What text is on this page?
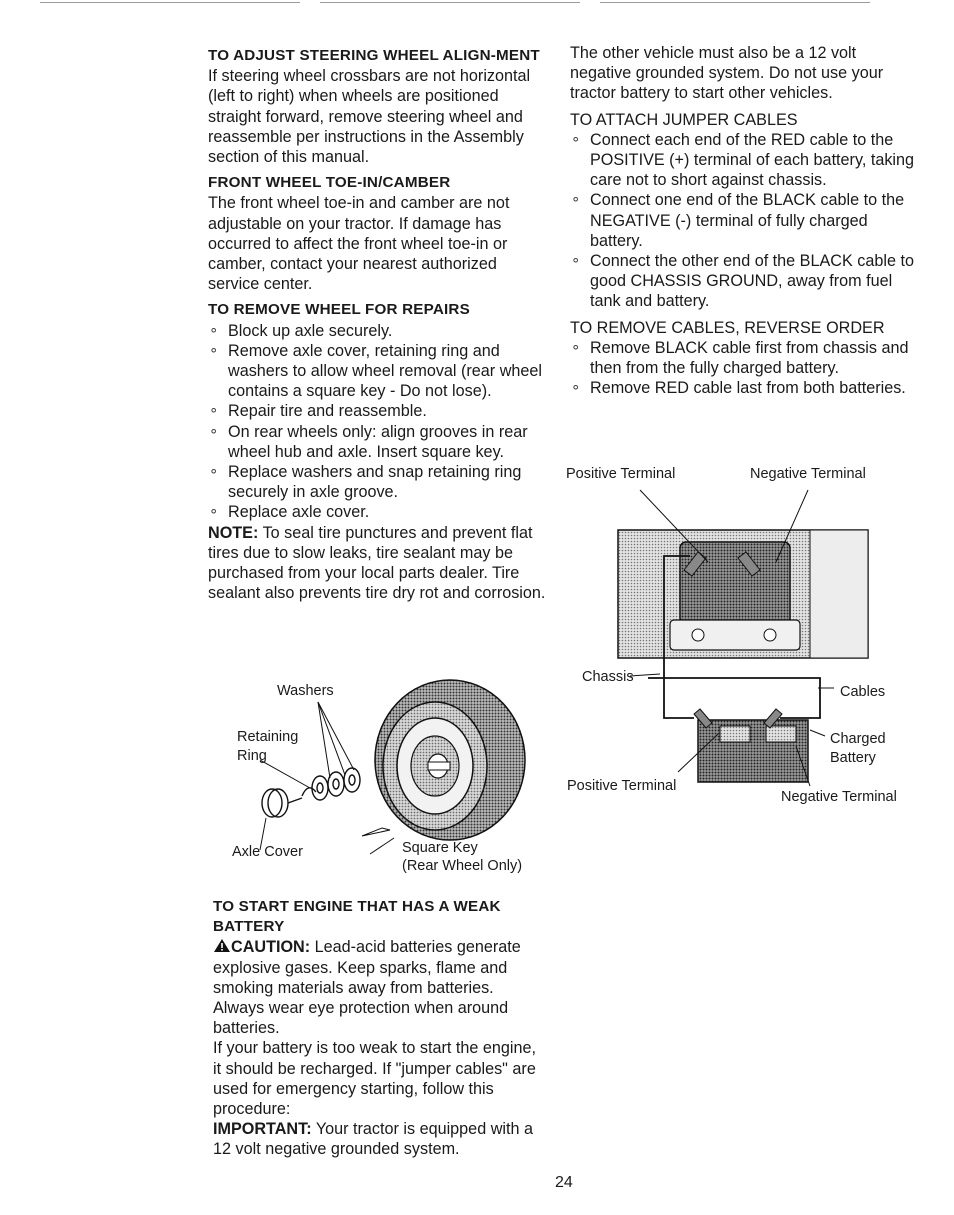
TO ADJUST STEERING WHEEL ALIGN-MENT

If steering wheel crossbars are not horizontal (left to right) when wheels are positioned straight forward, remove steering wheel and reassemble per instructions in the Assembly section of this manual.

FRONT WHEEL TOE-IN/CAMBER

The front wheel toe-in and camber are not adjustable on your tractor. If damage has occurred to affect the front wheel toe-in or camber, contact your nearest authorized service center.

TO REMOVE WHEEL FOR REPAIRS

∘ Block up axle securely.
∘ Remove axle cover, retaining ring and washers to allow wheel removal (rear wheel contains a square key - Do not lose).
∘ Repair tire and reassemble.
∘ On rear wheels only: align grooves in rear wheel hub and axle. Insert square key.
∘ Replace washers and snap retaining ring securely in axle groove.
∘ Replace axle cover.

NOTE: To seal tire punctures and prevent flat tires due to slow leaks, tire sealant may be purchased from your local parts dealer. Tire sealant also prevents tire dry rot and corrosion.

Washers
Retaining
Ring
Axle Cover	Square Key
(Rear Wheel Only)

TO START ENGINE THAT HAS A WEAK BATTERY

CAUTION: Lead-acid batteries generate explosive gases. Keep sparks, flame and smoking materials away from batteries. Always wear eye protection when around batteries.

If your battery is too weak to start the engine, it should be recharged. If "jumper cables" are used for emergency starting, follow this procedure:

IMPORTANT: Your tractor is equipped with a 12 volt negative grounded system.

The other vehicle must also be a 12 volt negative grounded system. Do not use your tractor battery to start other vehicles.

TO ATTACH JUMPER CABLES

∘ Connect each end of the RED cable to the POSITIVE (+) terminal of each battery, taking care not to short against chassis.
∘ Connect one end of the BLACK cable to the NEGATIVE (-) terminal of fully charged battery.
∘ Connect the other end of the BLACK cable to good CHASSIS GROUND, away from fuel tank and battery.

TO REMOVE CABLES, REVERSE ORDER

∘ Remove BLACK cable first from chassis and then from the fully charged battery.
∘ Remove RED cable last from both batteries.
Positive Terminal	Negative Terminal
Chassis
Cables
Charged
Battery
Positive Terminal
Negative Terminal
24
